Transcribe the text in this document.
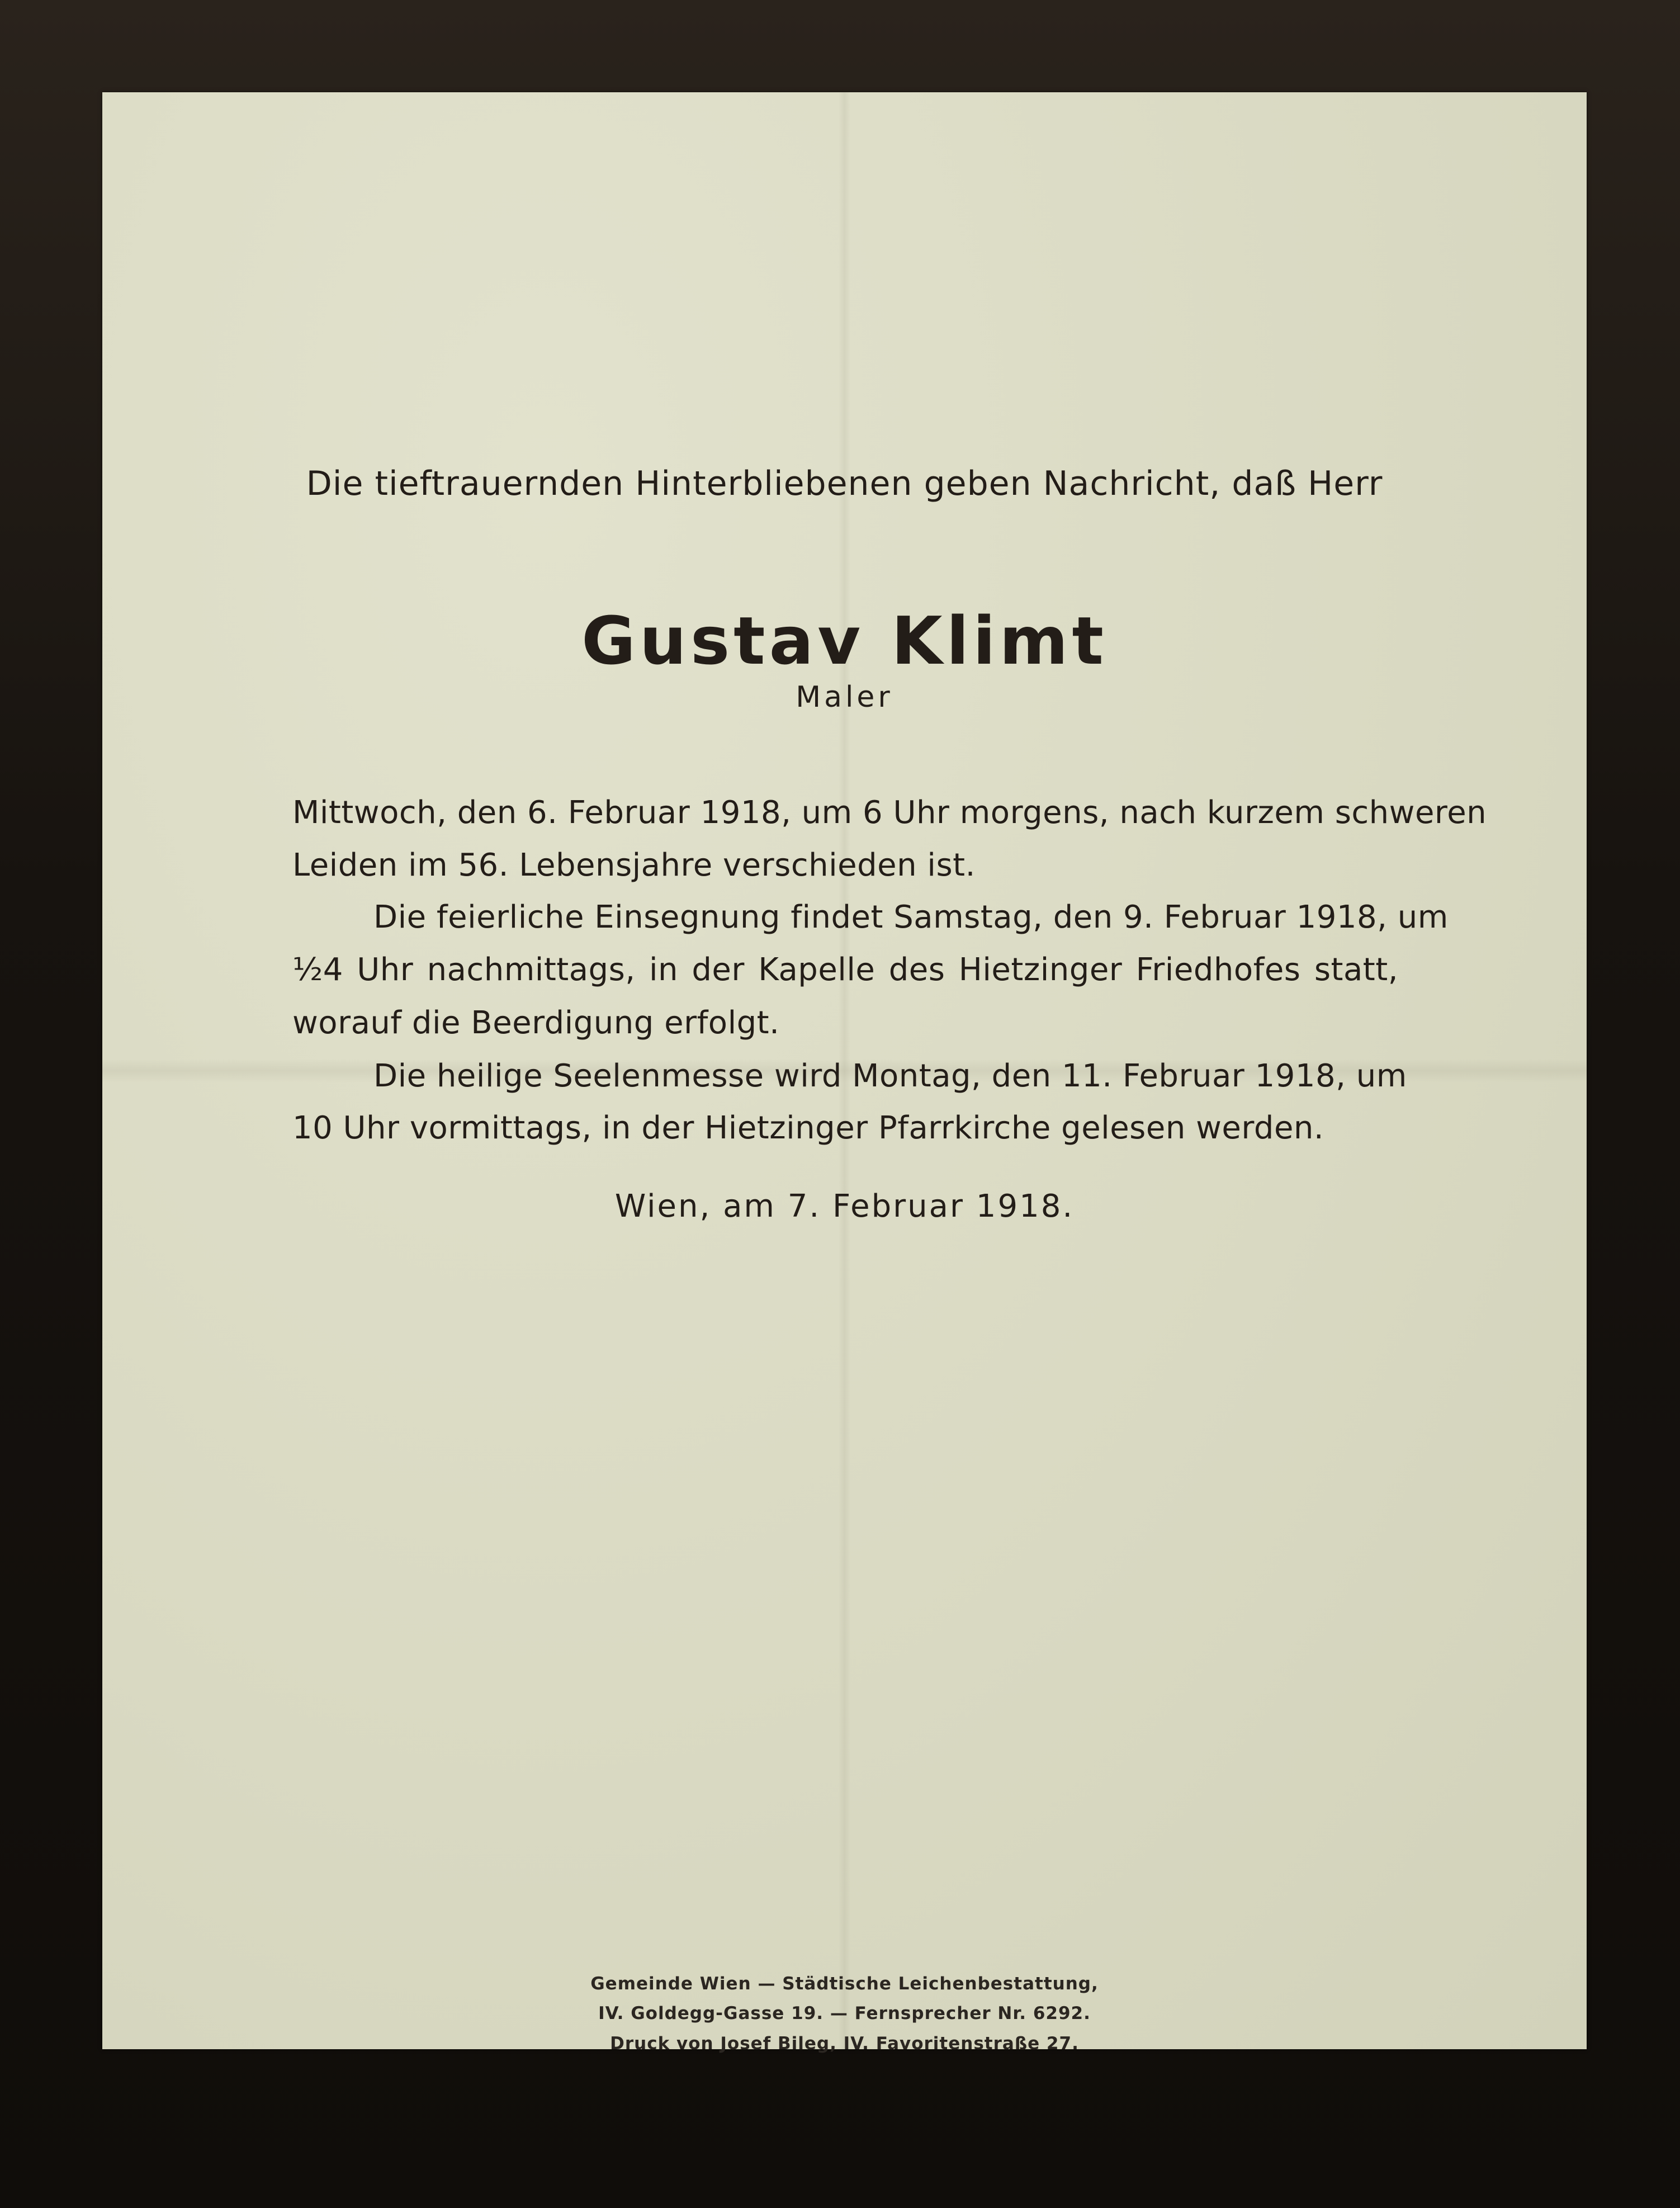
Die tieftrauernden Hinterbliebenen geben Nachricht, daß Herr

Gustav Klimt

Maler

Mittwoch, den 6. Februar 1918, um 6 Uhr morgens, nach kurzem schweren

Leiden im 56. Lebensjahre verschieden ist.

Die feierliche Einsegnung findet Samstag, den 9. Februar 1918, um

½4 Uhr nachmittags, in der Kapelle des Hietzinger Friedhofes statt,

worauf die Beerdigung erfolgt.

Die heilige Seelenmesse wird Montag, den 11. Februar 1918, um

10 Uhr vormittags, in der Hietzinger Pfarrkirche gelesen werden.

Wien, am 7. Februar 1918.

Gemeinde Wien — Städtische Leichenbestattung,

IV. Goldegg-Gasse 19. — Fernsprecher Nr. 6292.

Druck von Josef Bileg, IV. Favoritenstraße 27.
